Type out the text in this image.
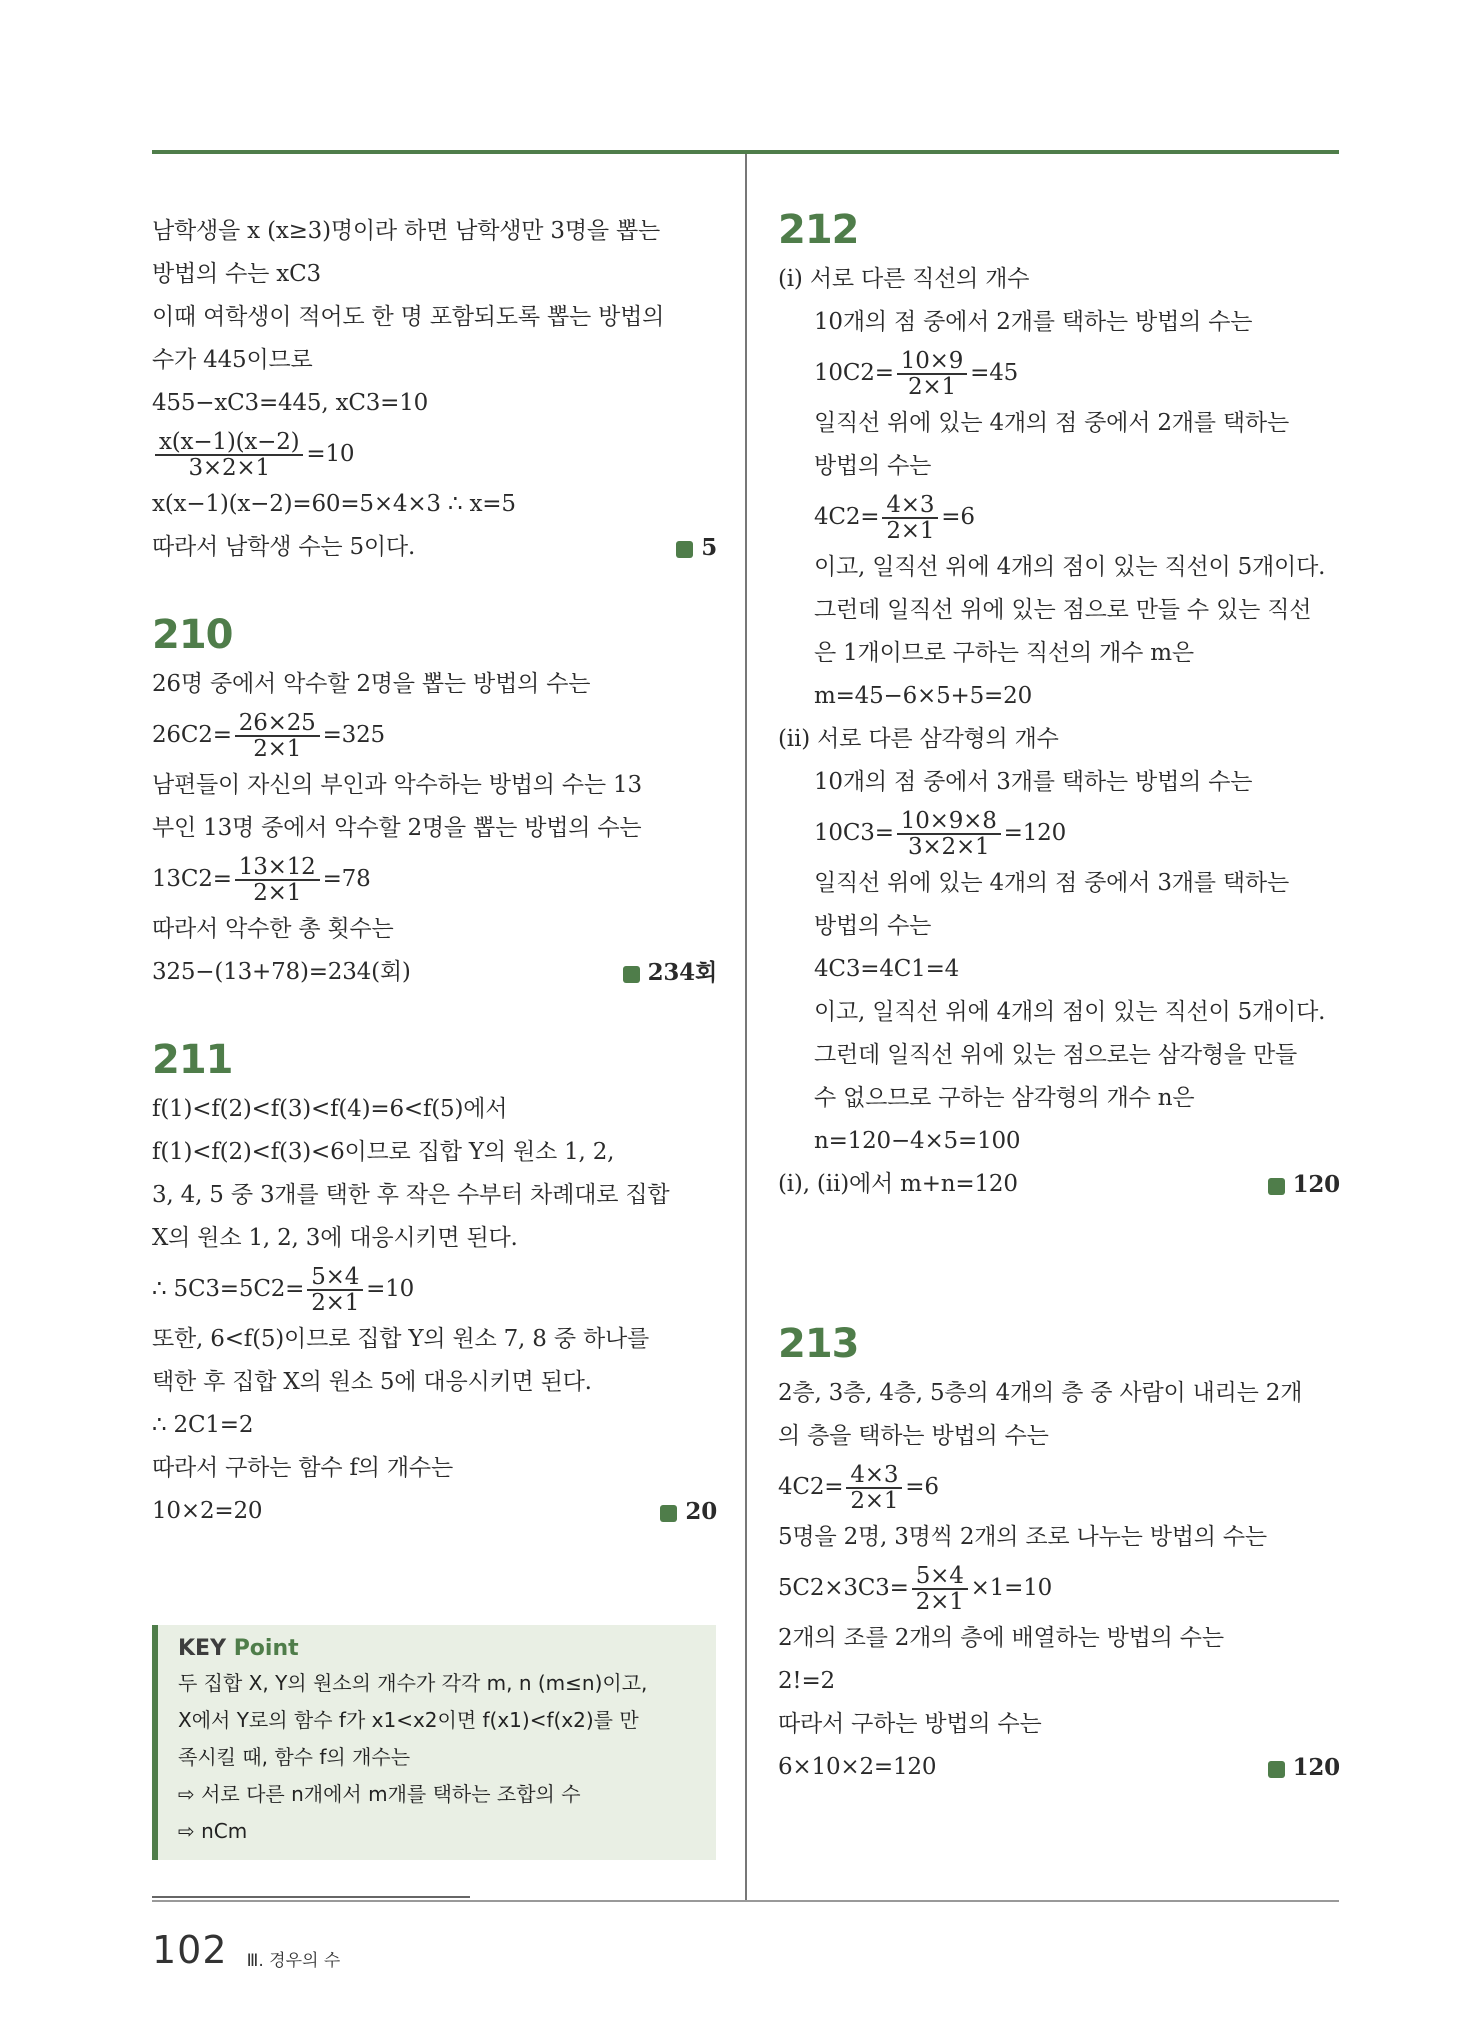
남학생을 x (x≥3)명이라 하면 남학생만 3명을 뽑는
방법의 수는 xC3
이때 여학생이 적어도 한 명 포함되도록 뽑는 방법의
수가 445이므로
455−xC3=445, xC3=10
$\frac{x(x-1)(x-2)}{3\times 2\times 1} =10$
x(x−1)(x−2)=60=5×4×3 ∴ x=5
따라서 남학생 수는 5이다.	5
210
26명 중에서 악수할 2명을 뽑는 방법의 수는
$26C2= \frac{26\times 25}{2\times 1} =325$
남편들이 자신의 부인과 악수하는 방법의 수는 13
부인 13명 중에서 악수할 2명을 뽑는 방법의 수는
$13C2= \frac{13\times 12}{2\times 1} =78$
따라서 악수한 총 횟수는
325−(13+78)=234(회)	234회
211
f(1)<f(2)<f(3)<f(4)=6<f(5)에서
f(1)<f(2)<f(3)<6이므로 집합 Y의 원소 1, 2,
3, 4, 5 중 3개를 택한 후 작은 수부터 차례대로 집합
X의 원소 1, 2, 3에 대응시키면 된다.
∴ $5C3=5C2= \frac{5\times 4}{2\times 1} =10$
또한, 6<f(5)이므로 집합 Y의 원소 7, 8 중 하나를
택한 후 집합 X의 원소 5에 대응시키면 된다.
∴ 2C1=2
따라서 구하는 함수 f의 개수는
10×2=20	20
KEY Point
두 집합 X, Y의 원소의 개수가 각각 m, n (m≤n)이고,
X에서 Y로의 함수 f가 x1<x2이면 f(x1)<f(x2)를 만
족시킬 때, 함수 f의 개수는
⇨ 서로 다른 n개에서 m개를 택하는 조합의 수
⇨ nCm
212
(ⅰ) 서로 다른 직선의 개수
10개의 점 중에서 2개를 택하는 방법의 수는
$10C2= \frac{10\times 9}{2\times 1} =45$
일직선 위에 있는 4개의 점 중에서 2개를 택하는
방법의 수는
$4C2= \frac{4\times 3}{2\times 1} =6$
이고, 일직선 위에 4개의 점이 있는 직선이 5개이다.
그런데 일직선 위에 있는 점으로 만들 수 있는 직선
은 1개이므로 구하는 직선의 개수 m은
m=45−6×5+5=20
(ⅱ) 서로 다른 삼각형의 개수
10개의 점 중에서 3개를 택하는 방법의 수는
$10C3= \frac{10\times 9\times 8}{3\times 2\times 1} =120$
일직선 위에 있는 4개의 점 중에서 3개를 택하는
방법의 수는
4C3=4C1=4
이고, 일직선 위에 4개의 점이 있는 직선이 5개이다.
그런데 일직선 위에 있는 점으로는 삼각형을 만들
수 없으므로 구하는 삼각형의 개수 n은
n=120−4×5=100
(ⅰ), (ⅱ)에서 m+n=120	120
213
2층, 3층, 4층, 5층의 4개의 층 중 사람이 내리는 2개
의 층을 택하는 방법의 수는
$4C2= \frac{4\times 3}{2\times 1} =6$
5명을 2명, 3명씩 2개의 조로 나누는 방법의 수는
$5C2\times 3C3= \frac{5\times 4}{2\times 1} \times 1=10$
2개의 조를 2개의 층에 배열하는 방법의 수는
2!=2
따라서 구하는 방법의 수는
6×10×2=120	120
102 Ⅲ. 경우의 수
